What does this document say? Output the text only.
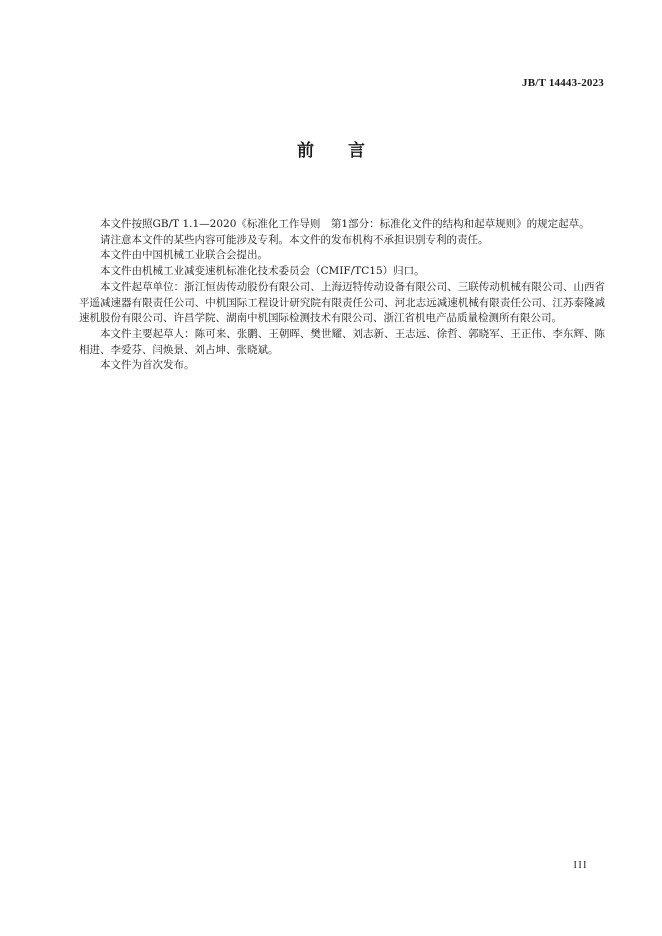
JB/T 14443-2023
前言

本文件按照GB/T 1.1—2020《标准化工作导则　第1部分：标准化文件的结构和起草规则》的规定起草。

请注意本文件的某些内容可能涉及专利。本文件的发布机构不承担识别专利的责任。

本文件由中国机械工业联合会提出。

本文件由机械工业减变速机标准化技术委员会（CMIF/TC15）归口。

本文件起草单位：浙江恒齿传动股份有限公司、上海迈特传动设备有限公司、三联传动机械有限公司、山西省平遥减速器有限责任公司、中机国际工程设计研究院有限责任公司、河北志远减速机械有限责任公司、江苏泰隆减速机股份有限公司、许昌学院、湖南中机国际检测技术有限公司、浙江省机电产品质量检测所有限公司。

本文件主要起草人：陈可来、张鹏、王朝晖、樊世耀、刘志新、王志远、徐哲、郭晓军、王正伟、李东辉、陈相进、李爱芬、闫焕景、刘占坤、张晓斌。

本文件为首次发布。

III
